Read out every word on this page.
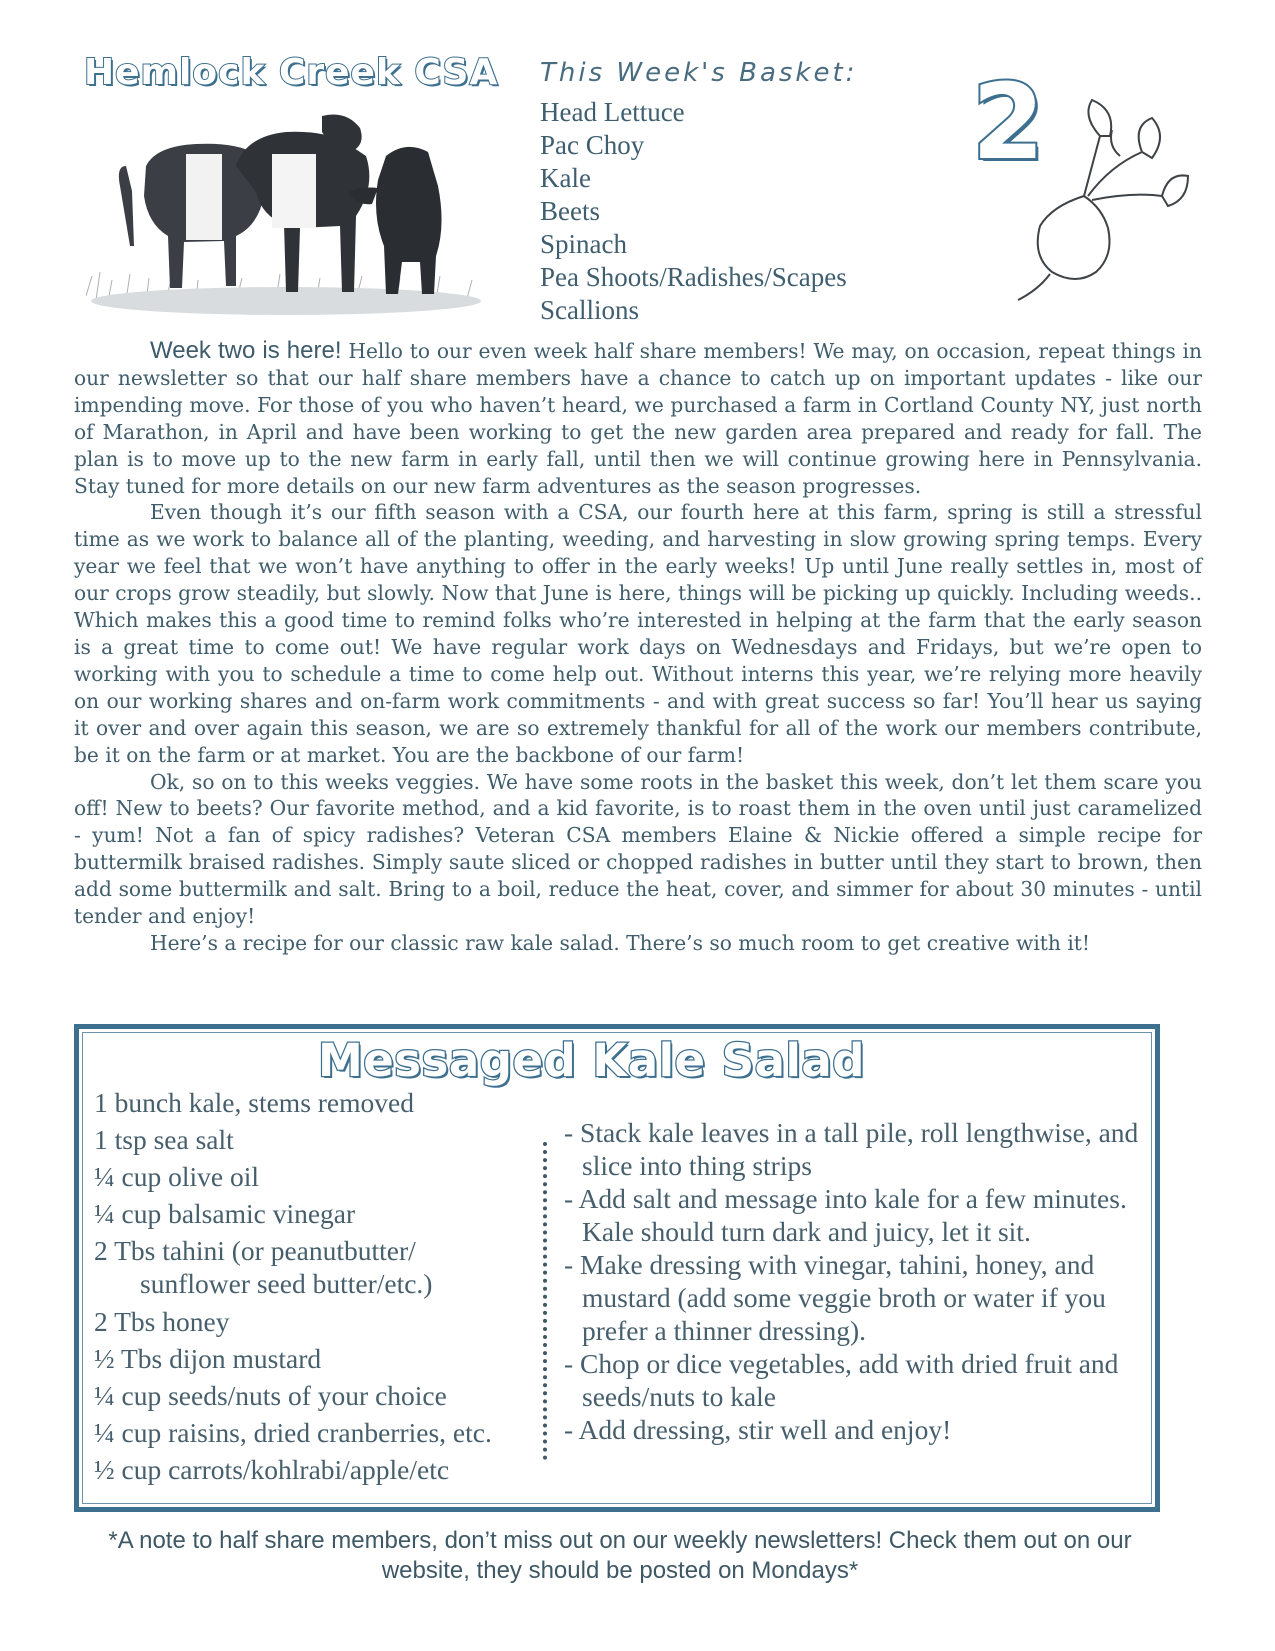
Hemlock Creek CSA This Week's Basket:
Head Lettuce
Pac Choy
Kale
Beets
Spinach
Pea Shoots/Radishes/Scapes
Scallions
2

Week two is here! Hello to our even week half share members! We may, on occasion, repeat things in our newsletter so that our half share members have a chance to catch up on important updates - like our impending move. For those of you who haven’t heard, we purchased a farm in Cortland County NY, just north of Marathon, in April and have been working to get the new garden area prepared and ready for fall. The plan is to move up to the new farm in early fall, until then we will continue growing here in Pennsylvania. Stay tuned for more details on our new farm adventures as the season progresses.

Even though it’s our fifth season with a CSA, our fourth here at this farm, spring is still a stressful time as we work to balance all of the planting, weeding, and harvesting in slow growing spring temps. Every year we feel that we won’t have anything to offer in the early weeks! Up until June really settles in, most of our crops grow steadily, but slowly. Now that June is here, things will be picking up quickly. Including weeds.. Which makes this a good time to remind folks who’re interested in helping at the farm that the early season is a great time to come out! We have regular work days on Wednesdays and Fridays, but we’re open to working with you to schedule a time to come help out. Without interns this year, we’re relying more heavily on our working shares and on-farm work commitments - and with great success so far! You’ll hear us saying it over and over again this season, we are so extremely thankful for all of the work our members contribute, be it on the farm or at market. You are the backbone of our farm!

Ok, so on to this weeks veggies. We have some roots in the basket this week, don’t let them scare you off! New to beets? Our favorite method, and a kid favorite, is to roast them in the oven until just caramelized - yum! Not a fan of spicy radishes? Veteran CSA members Elaine & Nickie offered a simple recipe for buttermilk braised radishes. Simply saute sliced or chopped radishes in butter until they start to brown, then add some buttermilk and salt. Bring to a boil, reduce the heat, cover, and simmer for about 30 minutes - until tender and enjoy!

Here’s a recipe for our classic raw kale salad. There’s so much room to get creative with it!

Messaged Kale Salad
1 bunch kale, stems removed
1 tsp sea salt
¼ cup olive oil
¼ cup balsamic vinegar
2 Tbs tahini (or peanutbutter/
sunflower seed butter/etc.)
2 Tbs honey
½ Tbs dijon mustard
¼ cup seeds/nuts of your choice
¼ cup raisins, dried cranberries, etc.
½ cup carrots/kohlrabi/apple/etc
- Stack kale leaves in a tall pile, roll lengthwise, and slice into thing strips
- Add salt and message into kale for a few minutes. Kale should turn dark and juicy, let it sit.
- Make dressing with vinegar, tahini, honey, and mustard (add some veggie broth or water if you prefer a thinner dressing).
- Chop or dice vegetables, add with dried fruit and seeds/nuts to kale
- Add dressing, stir well and enjoy!
*A note to half share members, don’t miss out on our weekly newsletters! Check them out on our website, they should be posted on Mondays*
